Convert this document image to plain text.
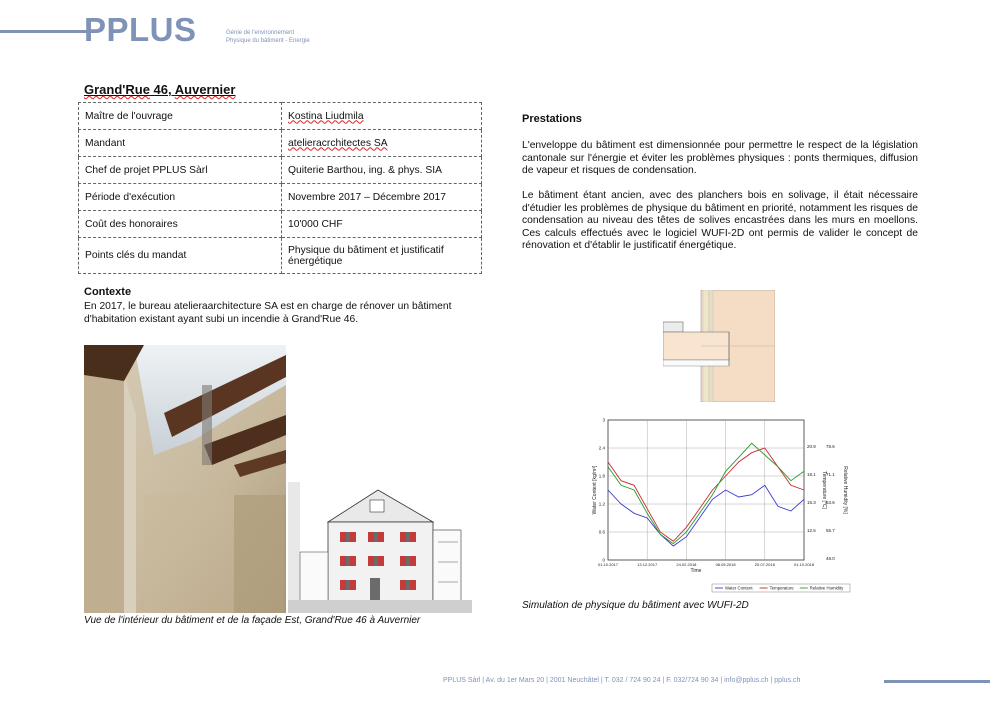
PPLUS	Génie de l'environnement
Physique du bâtiment - Energie
Grand'Rue 46, Auvernier
Maître de l'ouvrage	Kostina Liudmila
Mandant	atelieracrchitectes SA
Chef de projet PPLUS Sàrl	Quiterie Barthou, ing. & phys. SIA
Période d'exécution	Novembre 2017 – Décembre 2017
Coût des honoraires	10'000 CHF
Points clés du mandat	Physique du bâtiment et justificatif énergétique
Contexte
En 2017, le bureau atelieraarchitecture SA est en charge de rénover un bâtiment d'habitation existant ayant subi un incendie à Grand'Rue 46.
Prestations

L'enveloppe du bâtiment est dimensionnée pour permettre le respect de la législation cantonale sur l'énergie et éviter les problèmes physiques : ponts thermiques, diffusion de vapeur et risques de condensation.

Le bâtiment étant ancien, avec des planchers bois en solivage, il était nécessaire d'étudier les problèmes de physique du bâtiment en priorité, notamment les risques de condensation au niveau des têtes de solives encastrées dans les murs en moellons. Ces calculs effectués avec le logiciel WUFI-2D ont permis de valider le concept de rénovation et d'établir le justificatif énergétique.

Vue de l'intérieur du bâtiment et de la façade Est, Grand'Rue 46 à Auvernier
3
2.4
1.8
1.2
0.6
0
20.9
18.1
15.3
12.5
78.6
71.1
63.6
55.7
48.0
01.10.2017	13.12.2017	24.02.2018	08.05.2018	20.07.2018	01.10.2018
Water Content [kg/m³]	Temperature [°C]	Relative Humidity [%]
Time
Water Content	Temperature	Relative Humidity
Simulation de physique du bâtiment avec WUFI-2D
PPLUS Sàrl | Av. du 1er Mars 20 | 2001 Neuchâtel | T. 032 / 724 90 24 | F. 032/724 90 34 | info@pplus.ch | pplus.ch
